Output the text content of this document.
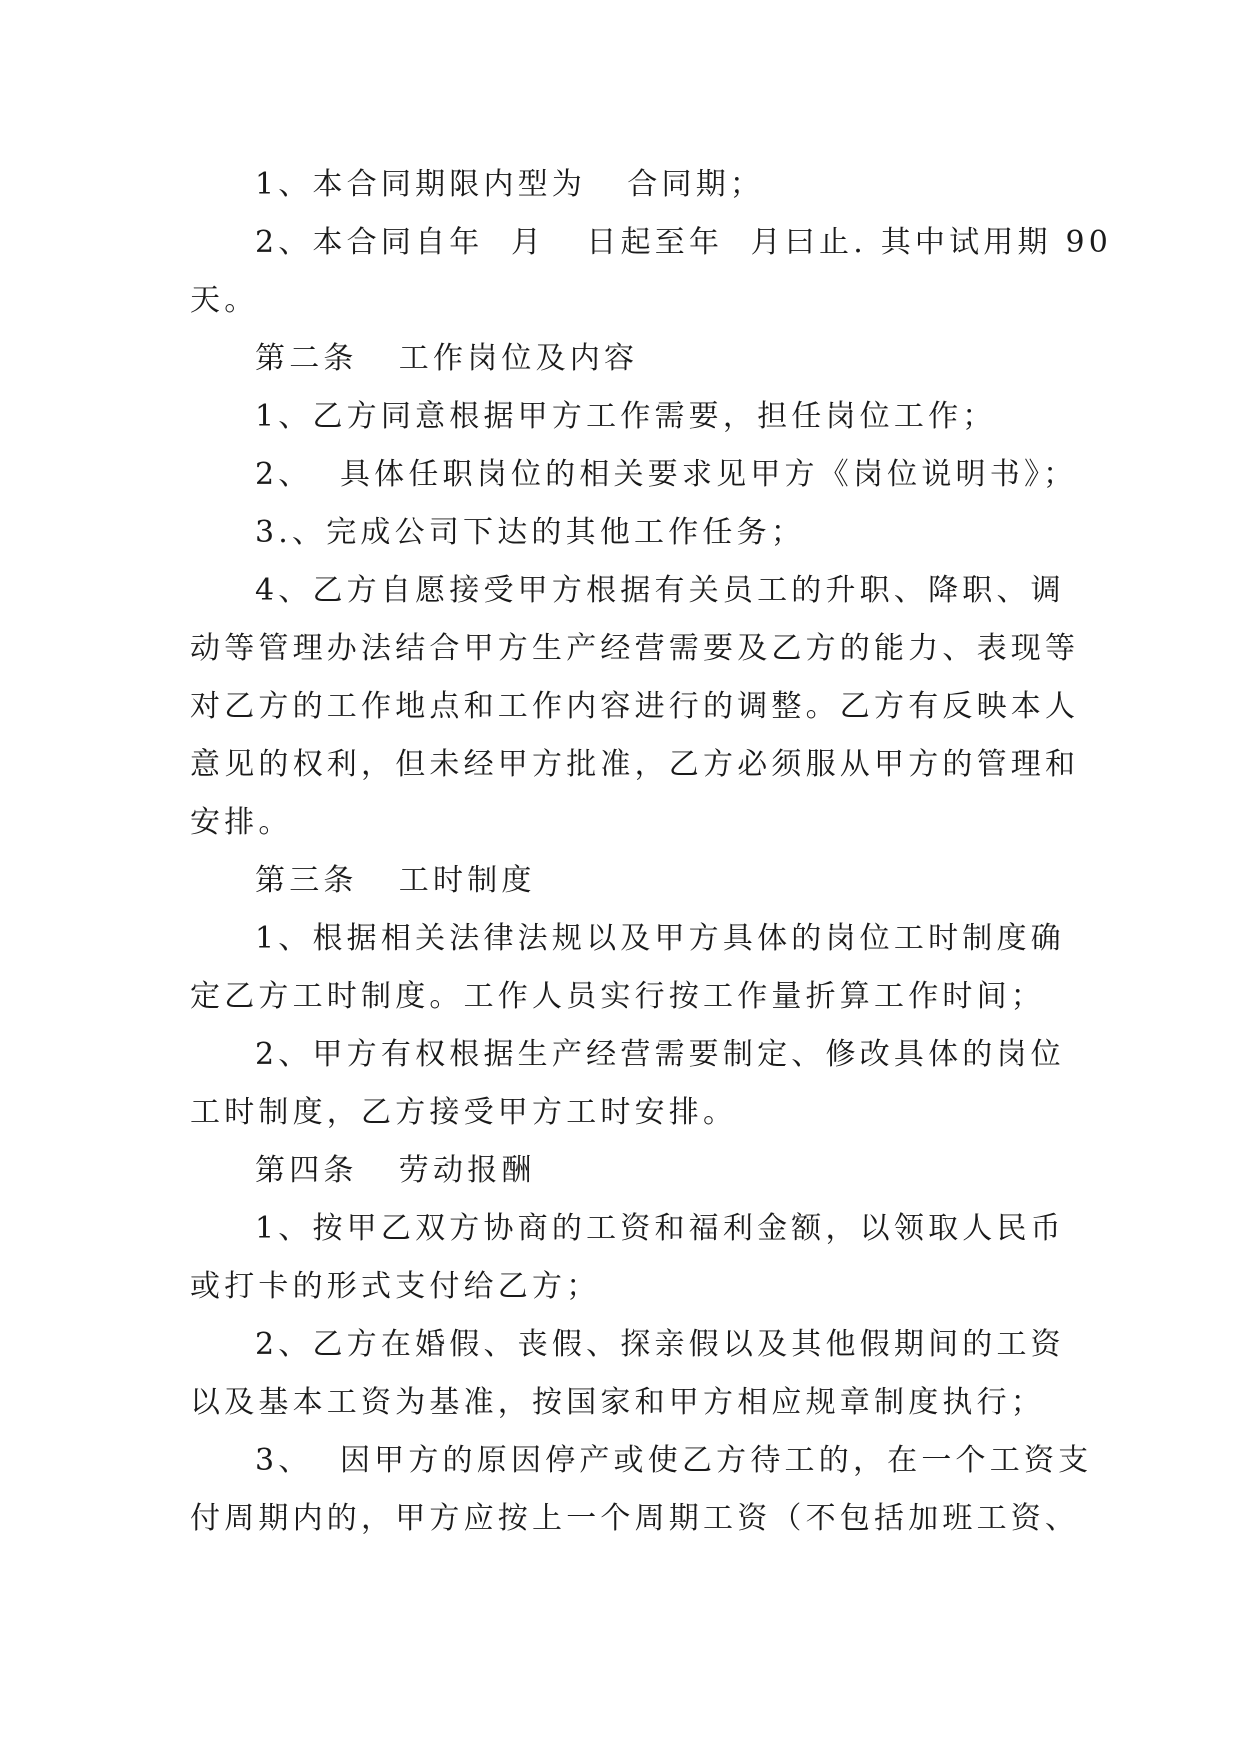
1、本合同期限内型为   合同期；
2、本合同自年  月   日起至年  月曰止. 其中试用期 90
天。
第二条   工作岗位及内容
1、乙方同意根据甲方工作需要，担任岗位工作；
2、  具体任职岗位的相关要求见甲方《岗位说明书》；
3.、完成公司下达的其他工作任务；
4、乙方自愿接受甲方根据有关员工的升职、降职、调
动等管理办法结合甲方生产经营需要及乙方的能力、表现等
对乙方的工作地点和工作内容进行的调整。乙方有反映本人
意见的权利，但未经甲方批准，乙方必须服从甲方的管理和
安排。
第三条   工时制度
1、根据相关法律法规以及甲方具体的岗位工时制度确
定乙方工时制度。工作人员实行按工作量折算工作时间；
2、甲方有权根据生产经营需要制定、修改具体的岗位
工时制度，乙方接受甲方工时安排。
第四条   劳动报酬
1、按甲乙双方协商的工资和福利金额，以领取人民币
或打卡的形式支付给乙方；
2、乙方在婚假、丧假、探亲假以及其他假期间的工资
以及基本工资为基准，按国家和甲方相应规章制度执行；
3、  因甲方的原因停产或使乙方待工的，在一个工资支
付周期内的，甲方应按上一个周期工资（不包括加班工资、
